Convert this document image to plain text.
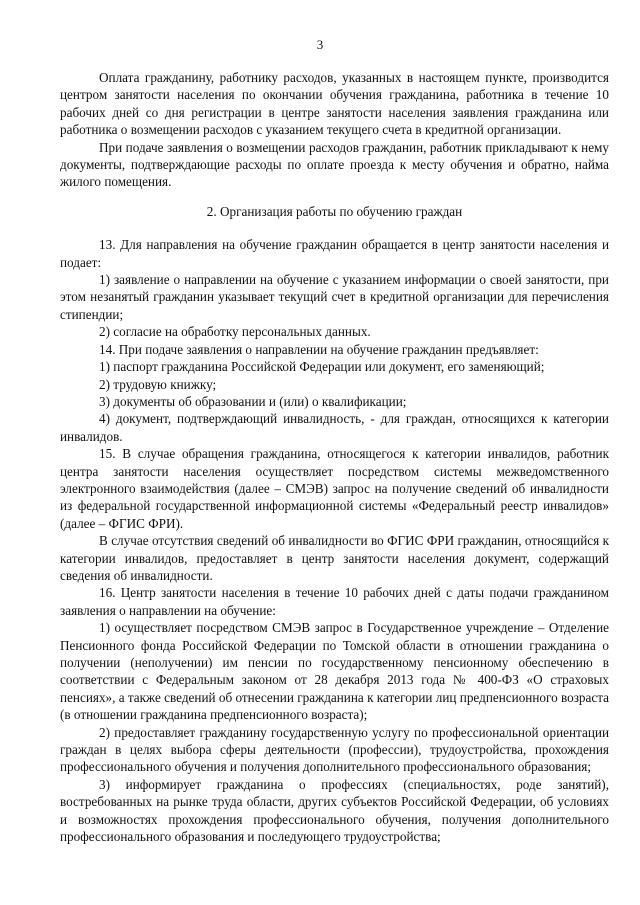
3

Оплата гражданину, работнику расходов, указанных в настоящем пункте, производится центром занятости населения по окончании обучения гражданина, работника в течение 10 рабочих дней со дня регистрации в центре занятости населения заявления гражданина или работника о возмещении расходов с указанием текущего счета в кредитной организации.

При подаче заявления о возмещении расходов гражданин, работник прикладывают к нему документы, подтверждающие расходы по оплате проезда к месту обучения и обратно, найма жилого помещения.

2. Организация работы по обучению граждан

13. Для направления на обучение гражданин обращается в центр занятости населения и подает:

1) заявление о направлении на обучение с указанием информации о своей занятости, при этом незанятый гражданин указывает текущий счет в кредитной организации для перечисления стипендии;

2) согласие на обработку персональных данных.

14. При подаче заявления о направлении на обучение гражданин предъявляет:

1) паспорт гражданина Российской Федерации или документ, его заменяющий;

2) трудовую книжку;

3) документы об образовании и (или) о квалификации;

4) документ, подтверждающий инвалидность, - для граждан, относящихся к категории инвалидов.

15. В случае обращения гражданина, относящегося к категории инвалидов, работник центра занятости населения осуществляет посредством системы межведомственного электронного взаимодействия (далее – СМЭВ) запрос на получение сведений об инвалидности из федеральной государственной информационной системы «Федеральный реестр инвалидов» (далее – ФГИС ФРИ).

В случае отсутствия сведений об инвалидности во ФГИС ФРИ гражданин, относящийся к категории инвалидов, предоставляет в центр занятости населения документ, содержащий сведения об инвалидности.

16. Центр занятости населения в течение 10 рабочих дней с даты подачи гражданином заявления о направлении на обучение:

1) осуществляет посредством СМЭВ запрос в Государственное учреждение – Отделение Пенсионного фонда Российской Федерации по Томской области в отношении гражданина о получении (неполучении) им пенсии по государственному пенсионному обеспечению в соответствии с Федеральным законом от 28 декабря 2013 года № 400-ФЗ «О страховых пенсиях», а также сведений об отнесении гражданина к категории лиц предпенсионного возраста (в отношении гражданина предпенсионного возраста);

2) предоставляет гражданину государственную услугу по профессиональной ориентации граждан в целях выбора сферы деятельности (профессии), трудоустройства, прохождения профессионального обучения и получения дополнительного профессионального образования;

3) информирует гражданина о профессиях (специальностях, роде занятий), востребованных на рынке труда области, других субъектов Российской Федерации, об условиях и возможностях прохождения профессионального обучения, получения дополнительного профессионального образования и последующего трудоустройства;
